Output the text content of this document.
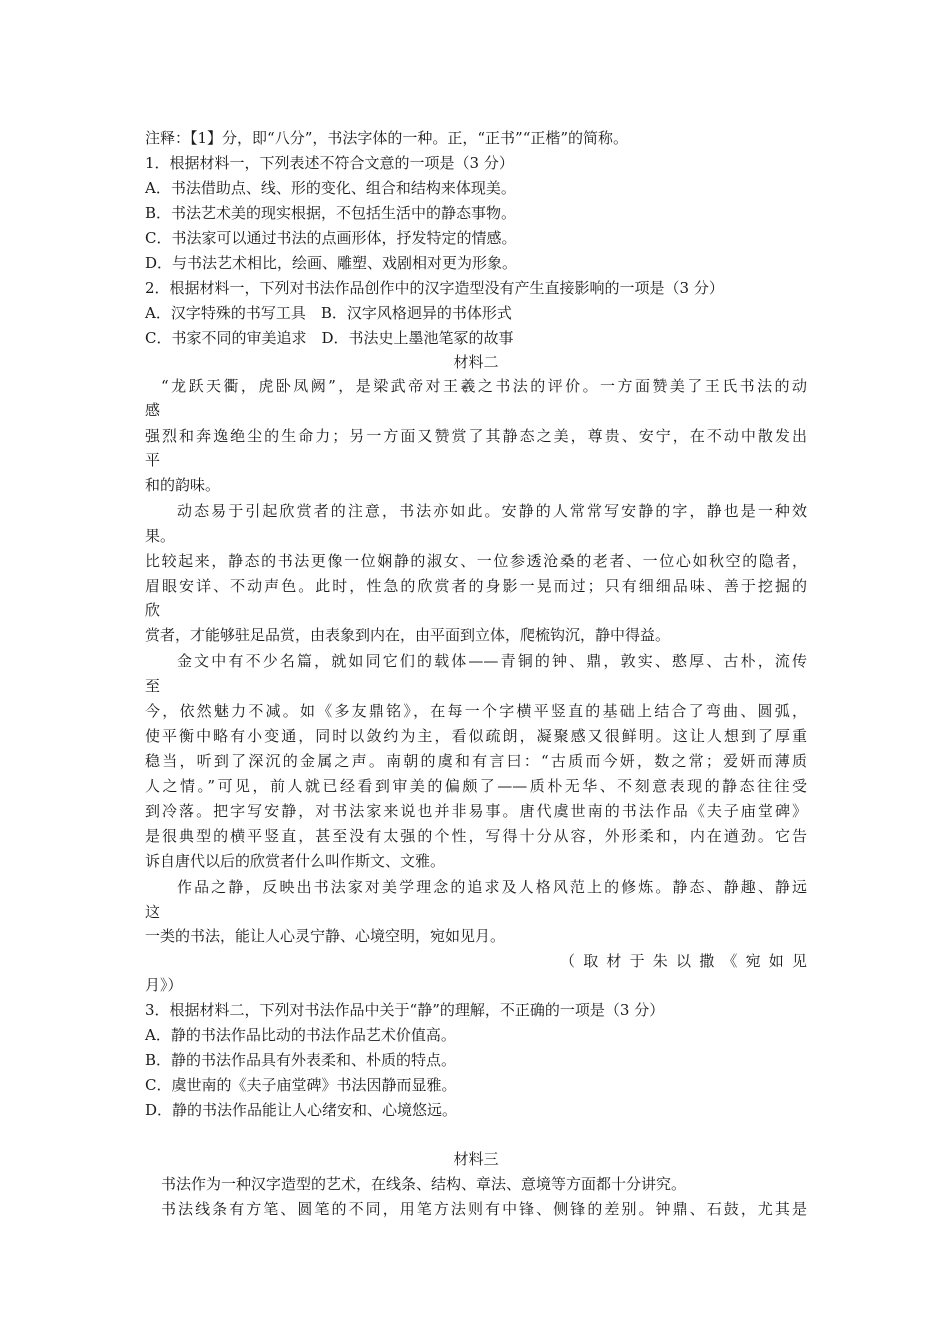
注释：【1】分，即“八分”，书法字体的一种。正，“正书”“正楷”的简称。
1．根据材料一，下列表述不符合文意的一项是（3 分）
A．书法借助点、线、形的变化、组合和结构来体现美。
B．书法艺术美的现实根据，不包括生活中的静态事物。
C．书法家可以通过书法的点画形体，抒发特定的情感。
D．与书法艺术相比，绘画、雕塑、戏剧相对更为形象。
2．根据材料一，下列对书法作品创作中的汉字造型没有产生直接影响的一项是（3 分）
A．汉字特殊的书写工具　B．汉字风格迥异的书体形式
C．书家不同的审美追求　D．书法史上墨池笔冢的故事
材料二
“龙跃天衢，虎卧凤阙”，是梁武帝对王羲之书法的评价。一方面赞美了王氏书法的动
感
强烈和奔逸绝尘的生命力；另一方面又赞赏了其静态之美，尊贵、安宁，在不动中散发出
平
和的韵味。
动态易于引起欣赏者的注意，书法亦如此。安静的人常常写安静的字，静也是一种效
果。
比较起来，静态的书法更像一位娴静的淑女、一位参透沧桑的老者、一位心如秋空的隐者，
眉眼安详、不动声色。此时，性急的欣赏者的身影一晃而过；只有细细品味、善于挖掘的
欣
赏者，才能够驻足品赏，由表象到内在，由平面到立体，爬梳钩沉，静中得益。
金文中有不少名篇，就如同它们的载体——青铜的钟、鼎，敦实、憨厚、古朴，流传
至
今，依然魅力不减。如《多友鼎铭》，在每一个字横平竖直的基础上结合了弯曲、圆弧，
使平衡中略有小变通，同时以敛约为主，看似疏朗，凝聚感又很鲜明。这让人想到了厚重
稳当，听到了深沉的金属之声。南朝的虞和有言曰：“古质而今妍，数之常；爱妍而薄质
人之情。”可见，前人就已经看到审美的偏颇了——质朴无华、不刻意表现的静态往往受
到冷落。把字写安静，对书法家来说也并非易事。唐代虞世南的书法作品《夫子庙堂碑》
是很典型的横平竖直，甚至没有太强的个性，写得十分从容，外形柔和，内在遒劲。它告
诉自唐代以后的欣赏者什么叫作斯文、文雅。
作品之静，反映出书法家对美学理念的追求及人格风范上的修炼。静态、静趣、静远
这
一类的书法，能让人心灵宁静、心境空明，宛如见月。
（取材于朱以撒《宛如见
月》）
3．根据材料二，下列对书法作品中关于“静”的理解，不正确的一项是（3 分）
A．静的书法作品比动的书法作品艺术价值高。
B．静的书法作品具有外表柔和、朴质的特点。
C．虞世南的《夫子庙堂碑》书法因静而显雅。
D．静的书法作品能让人心绪安和、心境悠远。
材料三
书法作为一种汉字造型的艺术，在线条、结构、章法、意境等方面都十分讲究。
书法线条有方笔、圆笔的不同，用笔方法则有中锋、侧锋的差别。钟鼎、石鼓，尤其是
